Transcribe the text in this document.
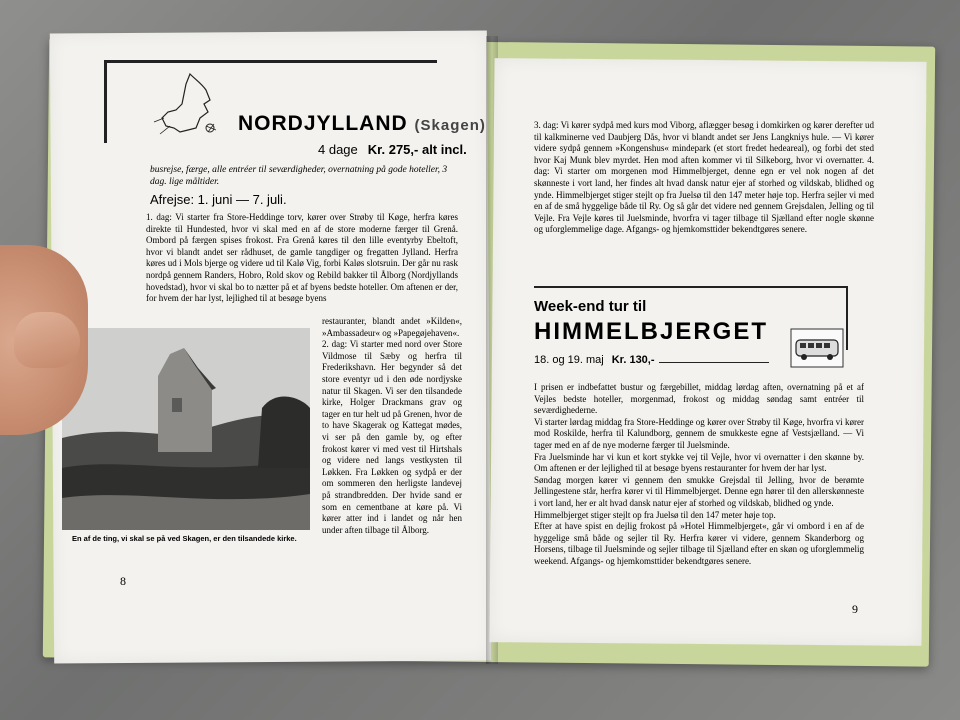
NORDJYLLAND (Skagen)
4 dage Kr. 275,- alt incl.
busrejse, færge, alle entréer til seværdigheder, overnatning på gode hoteller, 3 dag. lige måltider.
Afrejse: 1. juni — 7. juli.

1. dag: Vi starter fra Store-Heddinge torv, kører over Strøby til Køge, herfra køres direkte til Hundested, hvor vi skal med en af de store moderne færger til Grenå. Ombord på færgen spises frokost. Fra Grenå køres til den lille eventyrby Ebeltoft, hvor vi blandt andet ser rådhuset, de gamle tangdiger og fregatten Jylland. Herfra køres ud i Mols bjerge og videre ud til Kalø Vig, forbi Kaløs slotsruin. Der går nu rask nordpå gennem Randers, Hobro, Rold skov og Rebild bakker til Ålborg (Nordjyllands hovedstad), hvor vi skal bo to nætter på et af byens bedste hoteller. Om aftenen er der, for hvem der har lyst, lejlighed til at besøge byens

restauranter, blandt andet »Kilden«, »Ambassadeur« og »Papegøjehaven«.

2. dag: Vi starter med nord over Store Vildmose til Sæby og herfra til Frederikshavn. Her begynder så det store eventyr ud i den øde nordjyske natur til Skagen. Vi ser den tilsandede kirke, Holger Drackmans grav og tager en tur helt ud på Grenen, hvor de to have Skagerak og Kattegat mødes, vi ser på den gamle by, og efter frokost kører vi med vest til Hirtshals og videre ned langs vestkysten til Løkken. Fra Løkken og sydpå er der om sommeren den herligste landevej på strandbredden. Der hvide sand er som en cementbane at køre på. Vi kører atter ind i landet og når hen under aften tilbage til Ålborg.

En af de ting, vi skal se på ved Skagen, er den tilsandede kirke.
8
3. dag: Vi kører sydpå med kurs mod Viborg, aflægger besøg i domkirken og kører derefter ud til kalkminerne ved Daubjerg Dås, hvor vi blandt andet ser Jens Langkniys hule. — Vi kører videre sydpå gennem »Kongenshus« mindepark (et stort fredet hedeareal), og forbi det sted hvor Kaj Munk blev myrdet. Hen mod aften kommer vi til Silkeborg, hvor vi overnatter. 4. dag: Vi starter om morgenen mod Himmelbjerget, denne egn er vel nok nogen af det skønneste i vort land, her findes alt hvad dansk natur ejer af storhed og vildskab, blidhed og ynde. Himmelbjerget stiger stejlt op fra Juelsø til den 147 meter høje top. Herfra sejler vi med en af de små hyggelige både til Ry. Og så går det videre ned gennem Grejsdalen, Jelling og til Vejle. Fra Vejle køres til Juelsminde, hvorfra vi tager tilbage til Sjælland efter nogle skønne og uforglemmelige dage. Afgangs- og hjemkomsttider bekendtgøres senere.
Week-end tur til
HIMMELBJERGET
18. og 19. maj Kr. 130,-

I prisen er indbefattet bustur og færgebillet, middag lørdag aften, overnatning på et af Vejles bedste hoteller, morgenmad, frokost og middag søndag samt entréer til seværdighederne.

Vi starter lørdag middag fra Store-Heddinge og kører over Strøby til Køge, hvorfra vi kører mod Roskilde, herfra til Kalundborg, gennem de smukkeste egne af Vestsjælland. — Vi tager med en af de nye moderne færger til Juelsminde.

Fra Juelsminde har vi kun et kort stykke vej til Vejle, hvor vi overnatter i den skønne by. Om aftenen er der lejlighed til at besøge byens restauranter for hvem der har lyst.

Søndag morgen kører vi gennem den smukke Grejsdal til Jelling, hvor de berømte Jellingestene står, herfra kører vi til Himmelbjerget. Denne egn hører til den allerskønneste i vort land, her er alt hvad dansk natur ejer af storhed og vildskab, blidhed og ynde.

Himmelbjerget stiger stejlt op fra Juelsø til den 147 meter høje top.

Efter at have spist en dejlig frokost på »Hotel Himmelbjerget«, går vi ombord i en af de hyggelige små både og sejler til Ry. Herfra kører vi videre, gennem Skanderborg og Horsens, tilbage til Juelsminde og sejler tilbage til Sjælland efter en skøn og uforglemmelig weekend. Afgangs- og hjemkomsttider bekendtgøres senere.

9
